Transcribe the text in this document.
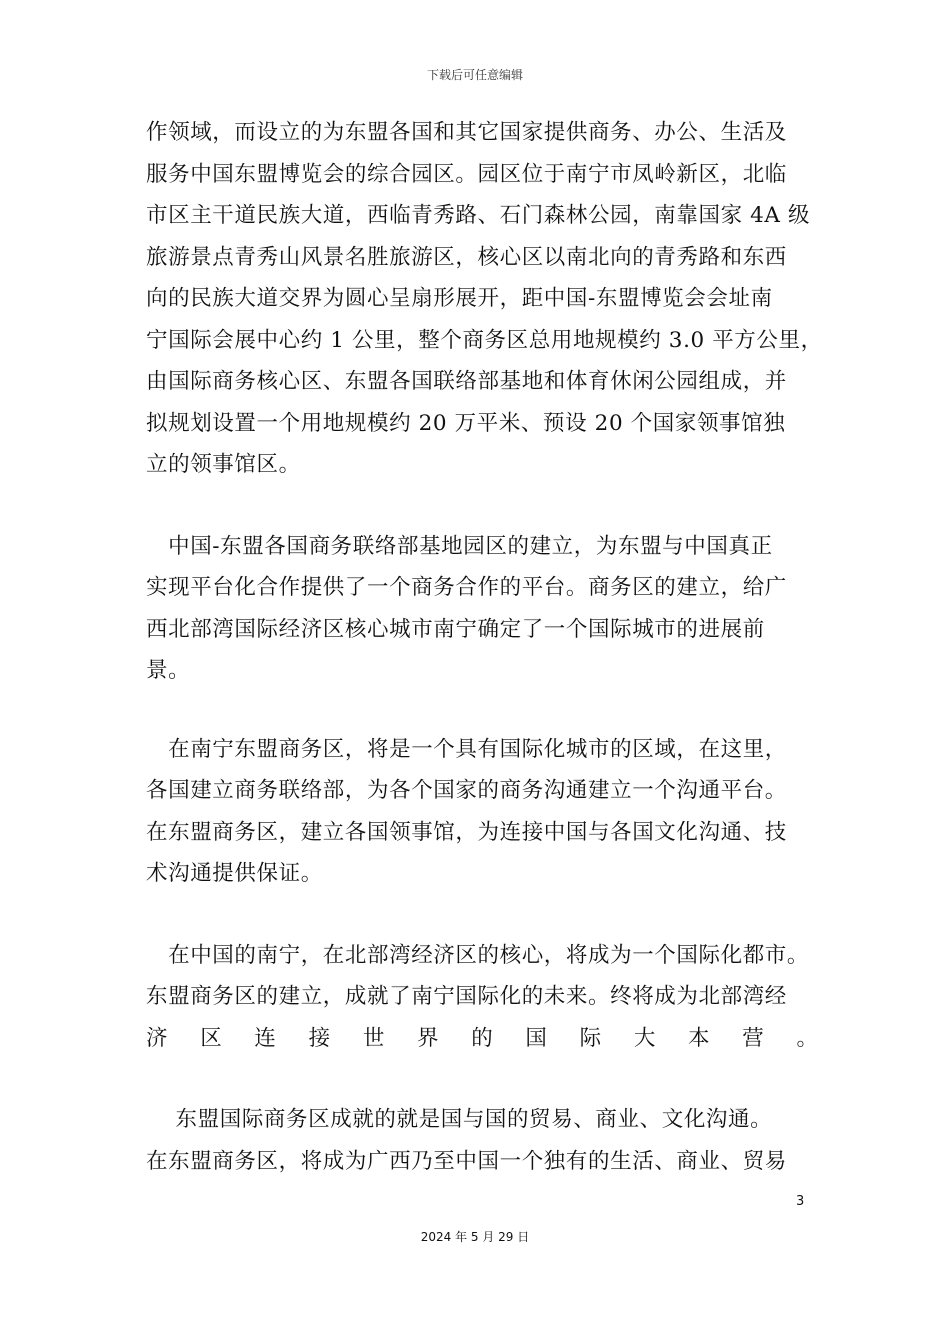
下载后可任意编辑
作领域，而设立的为东盟各国和其它国家提供商务、办公、生活及
服务中国东盟博览会的综合园区。园区位于南宁市凤岭新区，北临
市区主干道民族大道，西临青秀路、石门森林公园，南靠国家 4A 级
旅游景点青秀山风景名胜旅游区，核心区以南北向的青秀路和东西
向的民族大道交界为圆心呈扇形展开，距中国-东盟博览会会址南
宁国际会展中心约 1 公里，整个商务区总用地规模约 3.0 平方公里，
由国际商务核心区、东盟各国联络部基地和体育休闲公园组成，并
拟规划设置一个用地规模约 20 万平米、预设 20 个国家领事馆独
立的领事馆区。
　中国-东盟各国商务联络部基地园区的建立，为东盟与中国真正
实现平台化合作提供了一个商务合作的平台。商务区的建立，给广
西北部湾国际经济区核心城市南宁确定了一个国际城市的进展前
景。
　在南宁东盟商务区，将是一个具有国际化城市的区域，在这里，
各国建立商务联络部，为各个国家的商务沟通建立一个沟通平台。
在东盟商务区，建立各国领事馆，为连接中国与各国文化沟通、技
术沟通提供保证。
　在中国的南宁，在北部湾经济区的核心，将成为一个国际化都市。
东盟商务区的建立，成就了南宁国际化的未来。终将成为北部湾经
济 区 连 接 世 界 的 国 际 大 本 营 。
　 东盟国际商务区成就的就是国与国的贸易、商业、文化沟通。
在东盟商务区，将成为广西乃至中国一个独有的生活、商业、贸易
3
2024 年 5 月 29 日
